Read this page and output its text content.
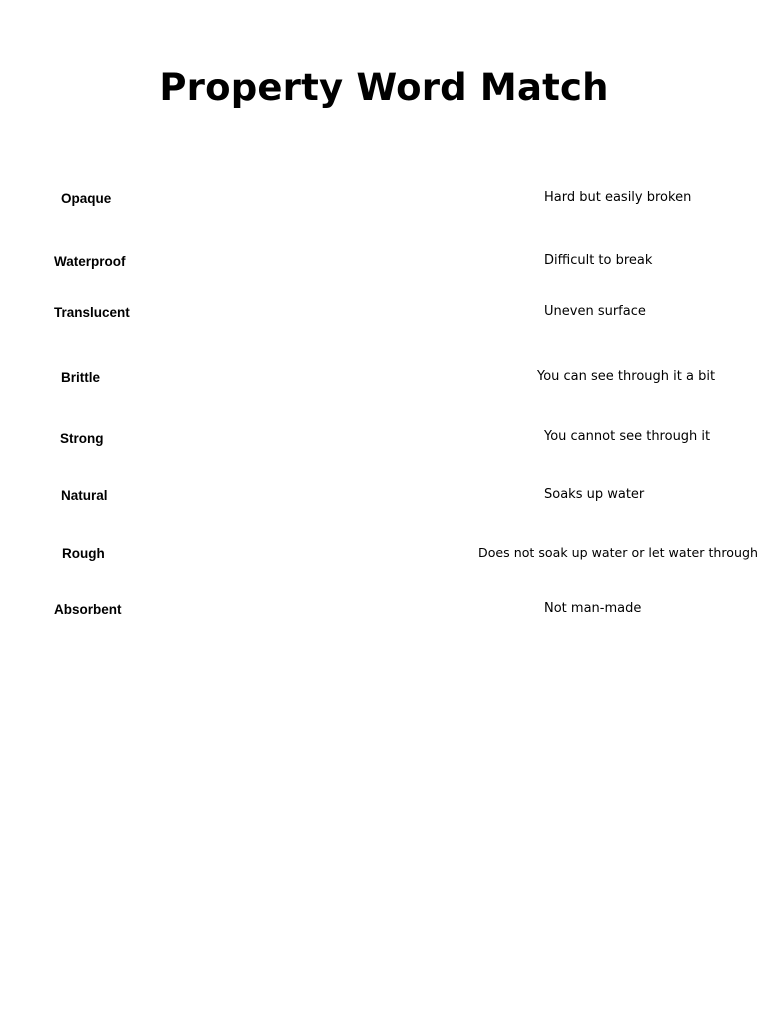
Property Word Match
Opaque
Waterproof
Translucent
Brittle
Strong
Natural
Rough
Absorbent
Hard but easily broken
Difficult to break
Uneven surface
You can see through it a bit
You cannot see through it
Soaks up water
Does not soak up water or let water through
Not man-made
